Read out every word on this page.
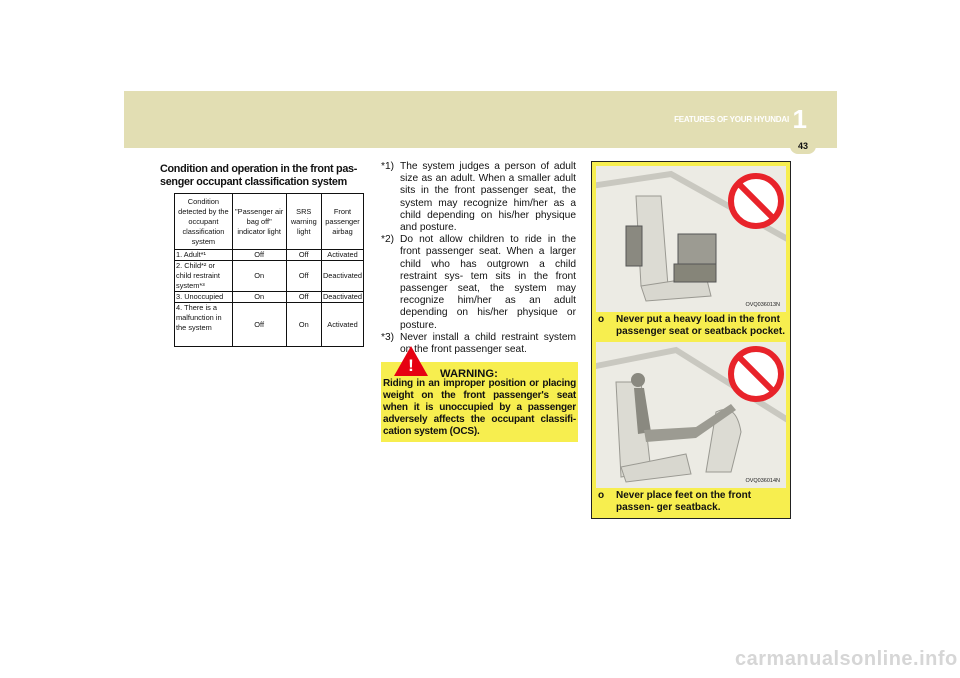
FEATURES OF YOUR HYUNDAI 1
43
Condition and operation in the front pas- senger occupant classification system
Condition detected by the occupant classification system	"Passenger air bag off" indicator light	SRS warning light	Front passenger airbag
1. Adult*¹	Off	Off	Activated
2. Child*² or child restraint system*³	On	Off	Deactivated
3. Unoccupied	On	Off	Deactivated
4. There is a malfunction in the system	Off	On	Activated
*1) The system judges a person of adult size as an adult. When a smaller adult sits in the front passenger seat, the system may recognize him/her as a child depending on his/her physique and posture.
*2) Do not allow children to ride in the front passenger seat. When a larger child who has outgrown a child restraint sys- tem sits in the front passenger seat, the system may recognize him/her as an adult depending on his/her physique or posture.
*3) Never install a child restraint system on the front passenger seat.
! WARNING:
Riding in an improper position or placing weight on the front passenger's seat when it is unoccupied by a passenger adversely affects the occupant classifi- cation system (OCS).
OVQ036013N
o	Never put a heavy load in the front passenger seat or seatback pocket.
OVQ036014N
o	Never place feet on the front passen- ger seatback.
carmanualsonline.info
